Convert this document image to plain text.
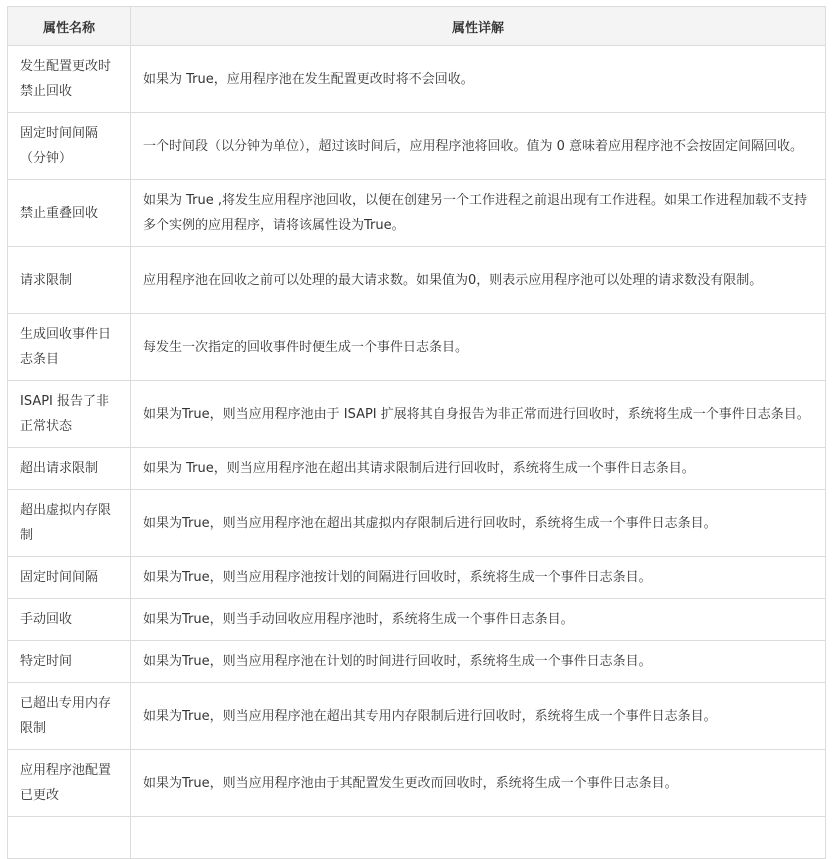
属性名称	属性详解
发生配置更改时禁止回收	如果为 True，应用程序池在发生配置更改时将不会回收。
固定时间间隔（分钟）	一个时间段（以分钟为单位），超过该时间后，应用程序池将回收。值为 0 意味着应用程序池不会按固定间隔回收。
禁止重叠回收	如果为 True ,将发生应用程序池回收，以便在创建另一个工作进程之前退出现有工作进程。如果工作进程加载不支持多个实例的应用程序，请将该属性设为True。
请求限制	应用程序池在回收之前可以处理的最大请求数。如果值为0，则表示应用程序池可以处理的请求数没有限制。
生成回收事件日志条目	每发生一次指定的回收事件时便生成一个事件日志条目。
ISAPI 报告了非正常状态	如果为True，则当应用程序池由于 ISAPI 扩展将其自身报告为非正常而进行回收时，系统将生成一个事件日志条目。
超出请求限制	如果为 True，则当应用程序池在超出其请求限制后进行回收时，系统将生成一个事件日志条目。
超出虚拟内存限制	如果为True，则当应用程序池在超出其虚拟内存限制后进行回收时，系统将生成一个事件日志条目。
固定时间间隔	如果为True，则当应用程序池按计划的间隔进行回收时，系统将生成一个事件日志条目。
手动回收	如果为True，则当手动回收应用程序池时，系统将生成一个事件日志条目。
特定时间	如果为True，则当应用程序池在计划的时间进行回收时，系统将生成一个事件日志条目。
已超出专用内存限制	如果为True，则当应用程序池在超出其专用内存限制后进行回收时，系统将生成一个事件日志条目。
应用程序池配置已更改	如果为True，则当应用程序池由于其配置发生更改而回收时，系统将生成一个事件日志条目。
